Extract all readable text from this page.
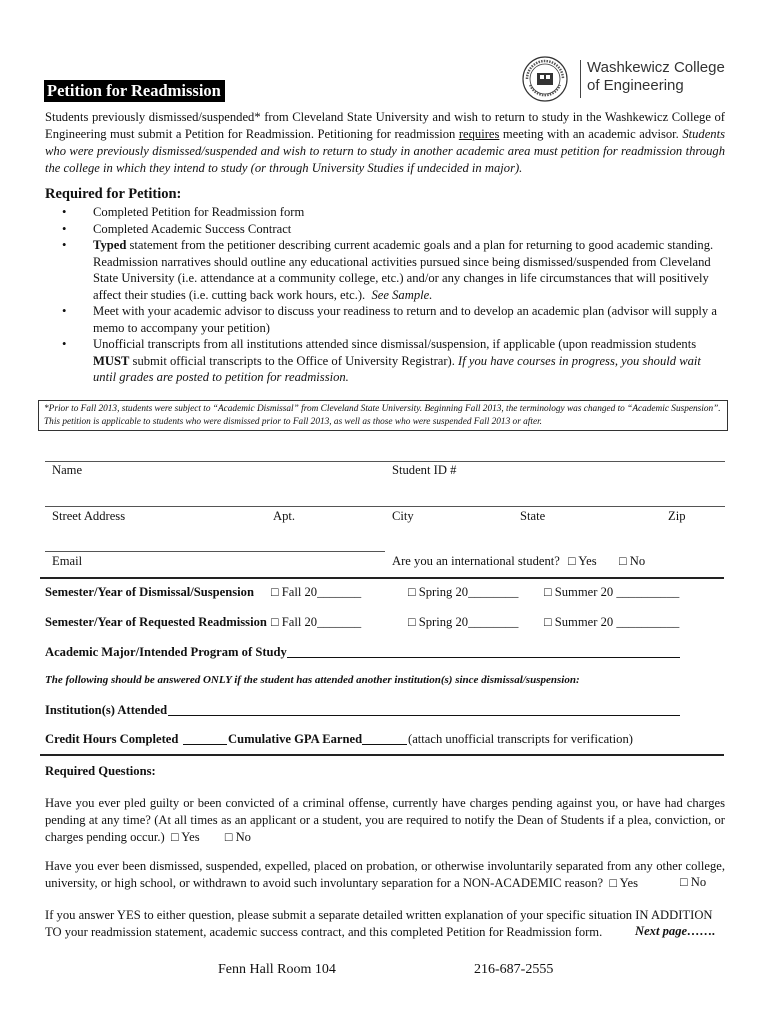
Washkewicz College
of Engineering
Petition for Readmission
Students previously dismissed/suspended* from Cleveland State University and wish to return to study in the Washkewicz College of Engineering must submit a Petition for Readmission. Petitioning for readmission requires meeting with an academic advisor. Students who were previously dismissed/suspended and wish to return to study in another academic area must petition for readmission through the college in which they intend to study (or through University Studies if undecided in major).
Required for Petition:
• Completed Petition for Readmission form
• Completed Academic Success Contract
• Typed statement from the petitioner describing current academic goals and a plan for returning to good academic standing. Readmission narratives should outline any educational activities pursued since being dismissed/suspended from Cleveland State University (i.e. attendance at a community college, etc.) and/or any changes in life circumstances that will positively affect their studies (i.e. cutting back work hours, etc.). See Sample.
• Meet with your academic advisor to discuss your readiness to return and to develop an academic plan (advisor will supply a memo to accompany your petition)
• Unofficial transcripts from all institutions attended since dismissal/suspension, if applicable (upon readmission students MUST submit official transcripts to the Office of University Registrar). If you have courses in progress, you should wait until grades are posted to petition for readmission.
*Prior to Fall 2013, students were subject to “Academic Dismissal” from Cleveland State University. Beginning Fall 2013, the terminology was changed to “Academic Suspension”. This petition is applicable to students who were dismissed prior to Fall 2013, as well as those who were suspended Fall 2013 or after.
Name	Student ID #
Street Address	Apt.	City	State	Zip
Email	Are you an international student? □ Yes □ No
Semester/Year of Dismissal/Suspension □ Fall 20_______	□ Spring 20________ □ Summer 20 __________
Semester/Year of Requested Readmission □ Fall 20_______	□ Spring 20________ □ Summer 20 __________
Academic Major/Intended Program of Study
The following should be answered ONLY if the student has attended another institution(s) since dismissal/suspension:
Institution(s) Attended
Credit Hours Completed	Cumulative GPA Earned	(attach unofficial transcripts for verification)
Required Questions:
Have you ever pled guilty or been convicted of a criminal offense, currently have charges pending against you, or have had charges pending at any time? (At all times as an applicant or a student, you are required to notify the Dean of Students if a plea, conviction, or charges pending occur.) □ Yes □ No
Have you ever been dismissed, suspended, expelled, placed on probation, or otherwise involuntarily separated from any other college, university, or high school, or withdrawn to avoid such involuntary separation for a NON-ACADEMIC reason? □ Yes	□ No
If you answer YES to either question, please submit a separate detailed written explanation of your specific situation IN ADDITION TO your readmission statement, academic success contract, and this completed Petition for Readmission form.	Next page…….
Fenn Hall Room 104	216-687-2555
